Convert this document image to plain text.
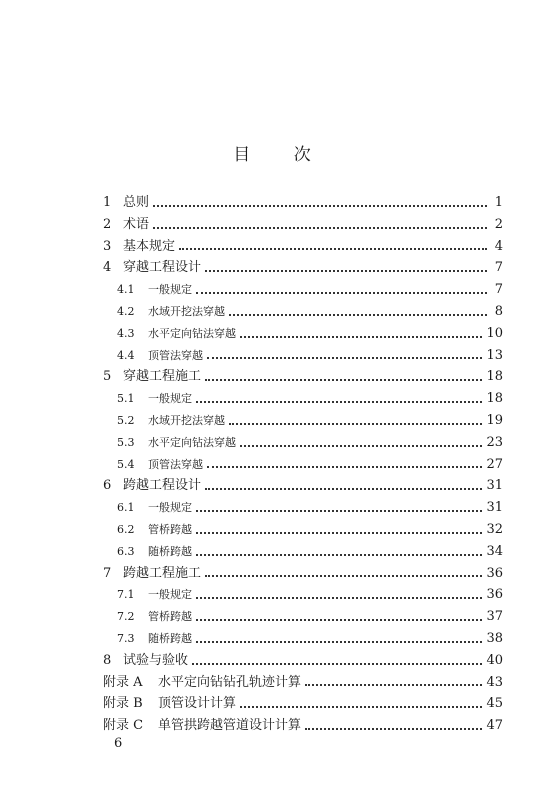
目	次
1 总则	1
2 术语	2
3 基本规定	4
4 穿越工程设计	7
4.1	一般规定	7
4.2	水域开挖法穿越	8
4.3	水平定向钻法穿越	10
4.4	顶管法穿越	13
5 穿越工程施工	18
5.1	一般规定	18
5.2	水域开挖法穿越	19
5.3	水平定向钻法穿越	23
5.4	顶管法穿越	27
6 跨越工程设计	31
6.1	一般规定	31
6.2	管桥跨越	32
6.3	随桥跨越	34
7 跨越工程施工	36
7.1	一般规定	36
7.2	管桥跨越	37
7.3	随桥跨越	38
8 试验与验收	40
附录 A	水平定向钻钻孔轨迹计算	43
附录 B	顶管设计计算	45
附录 C	单管拱跨越管道设计计算	47
6
